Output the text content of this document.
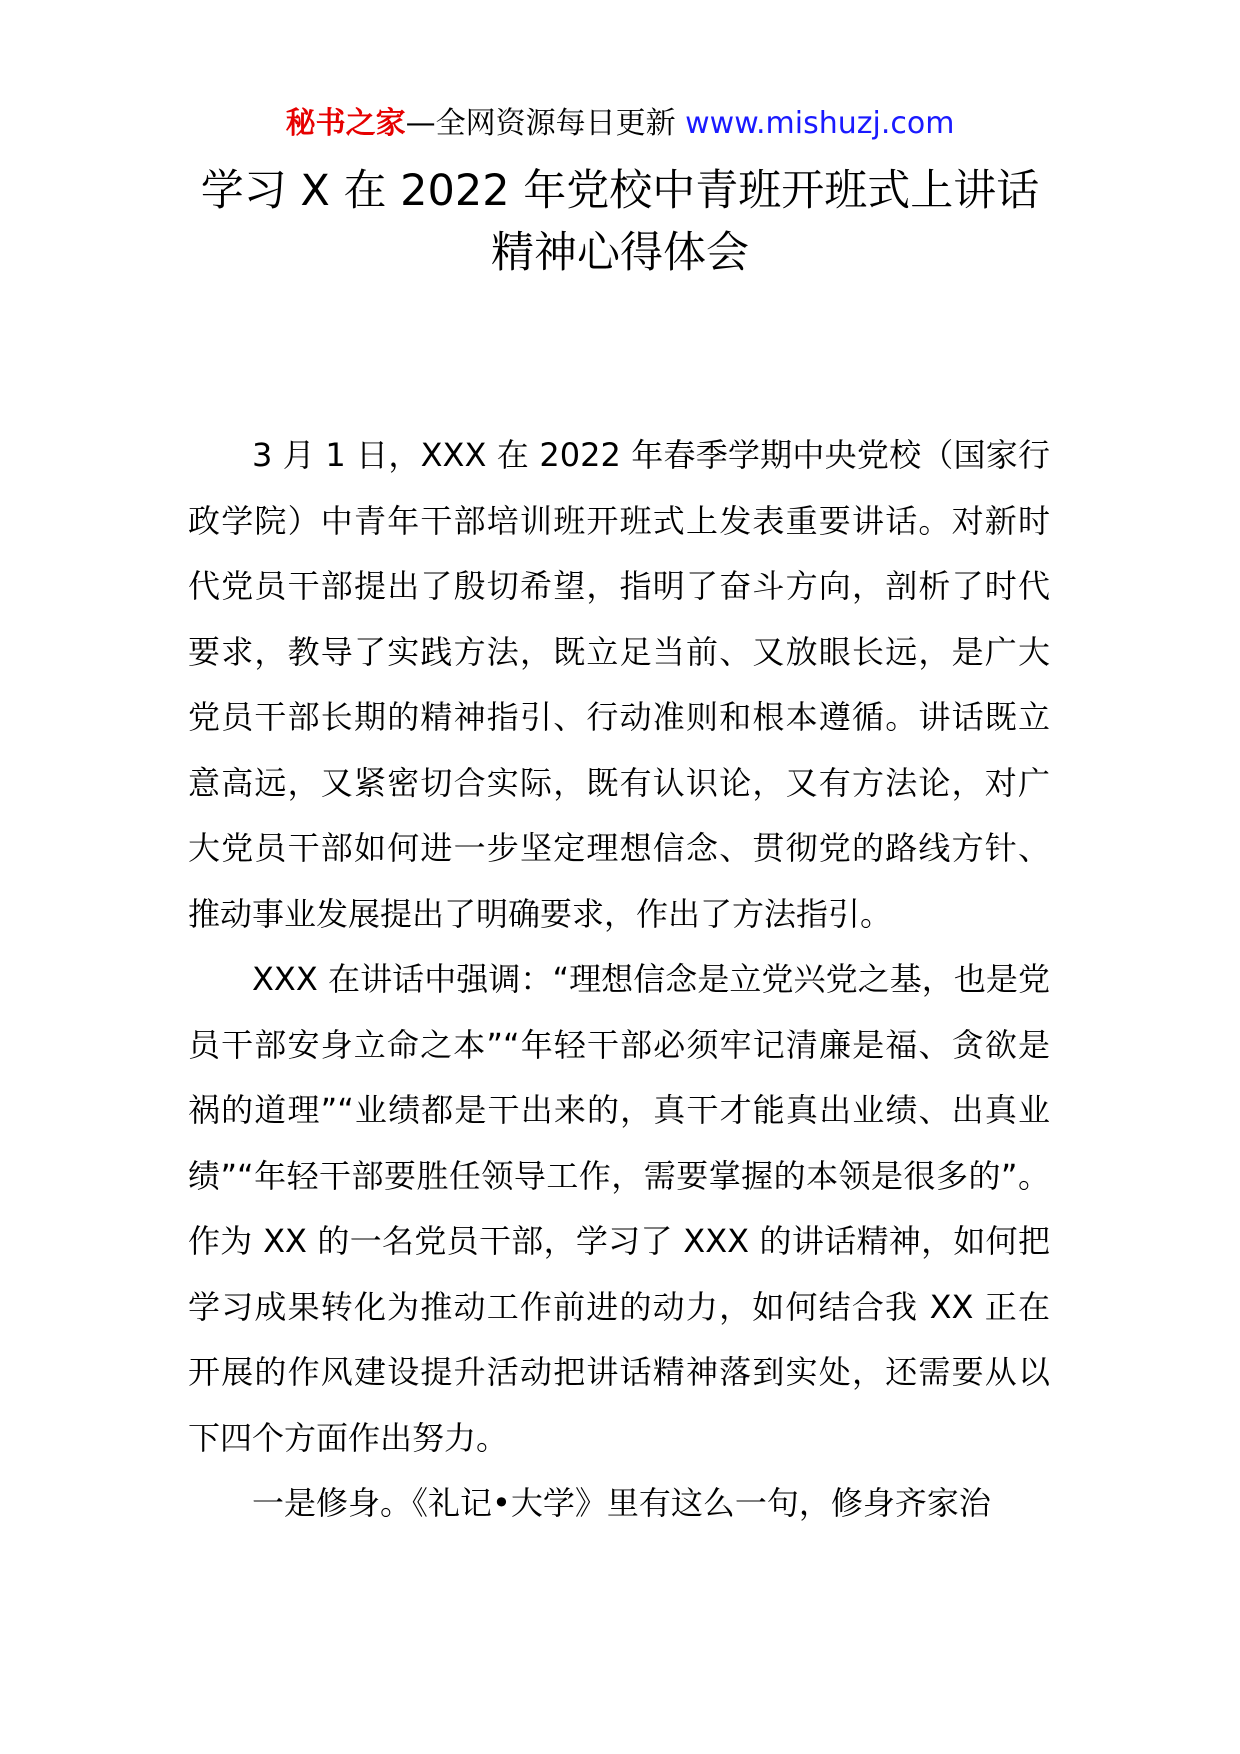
秘书之家—全网资源每日更新 www.mishuzj.com
学习 X 在 2022 年党校中青班开班式上讲话
精神心得体会

3 月 1 日，XXX 在 2022 年春季学期中央党校（国家行政学院）中青年干部培训班开班式上发表重要讲话。对新时代党员干部提出了殷切希望，指明了奋斗方向，剖析了时代要求，教导了实践方法，既立足当前、又放眼长远，是广大党员干部长期的精神指引、行动准则和根本遵循。讲话既立意高远，又紧密切合实际，既有认识论，又有方法论，对广大党员干部如何进一步坚定理想信念、贯彻党的路线方针、推动事业发展提出了明确要求，作出了方法指引。

XXX 在讲话中强调：“理想信念是立党兴党之基，也是党员干部安身立命之本”“年轻干部必须牢记清廉是福、贪欲是祸的道理”“业绩都是干出来的，真干才能真出业绩、出真业绩”“年轻干部要胜任领导工作，需要掌握的本领是很多的”。作为 XX 的一名党员干部，学习了 XXX 的讲话精神，如何把学习成果转化为推动工作前进的动力，如何结合我 XX 正在开展的作风建设提升活动把讲话精神落到实处，还需要从以下四个方面作出努力。

一是修身。《礼记•大学》里有这么一句，修身齐家治
